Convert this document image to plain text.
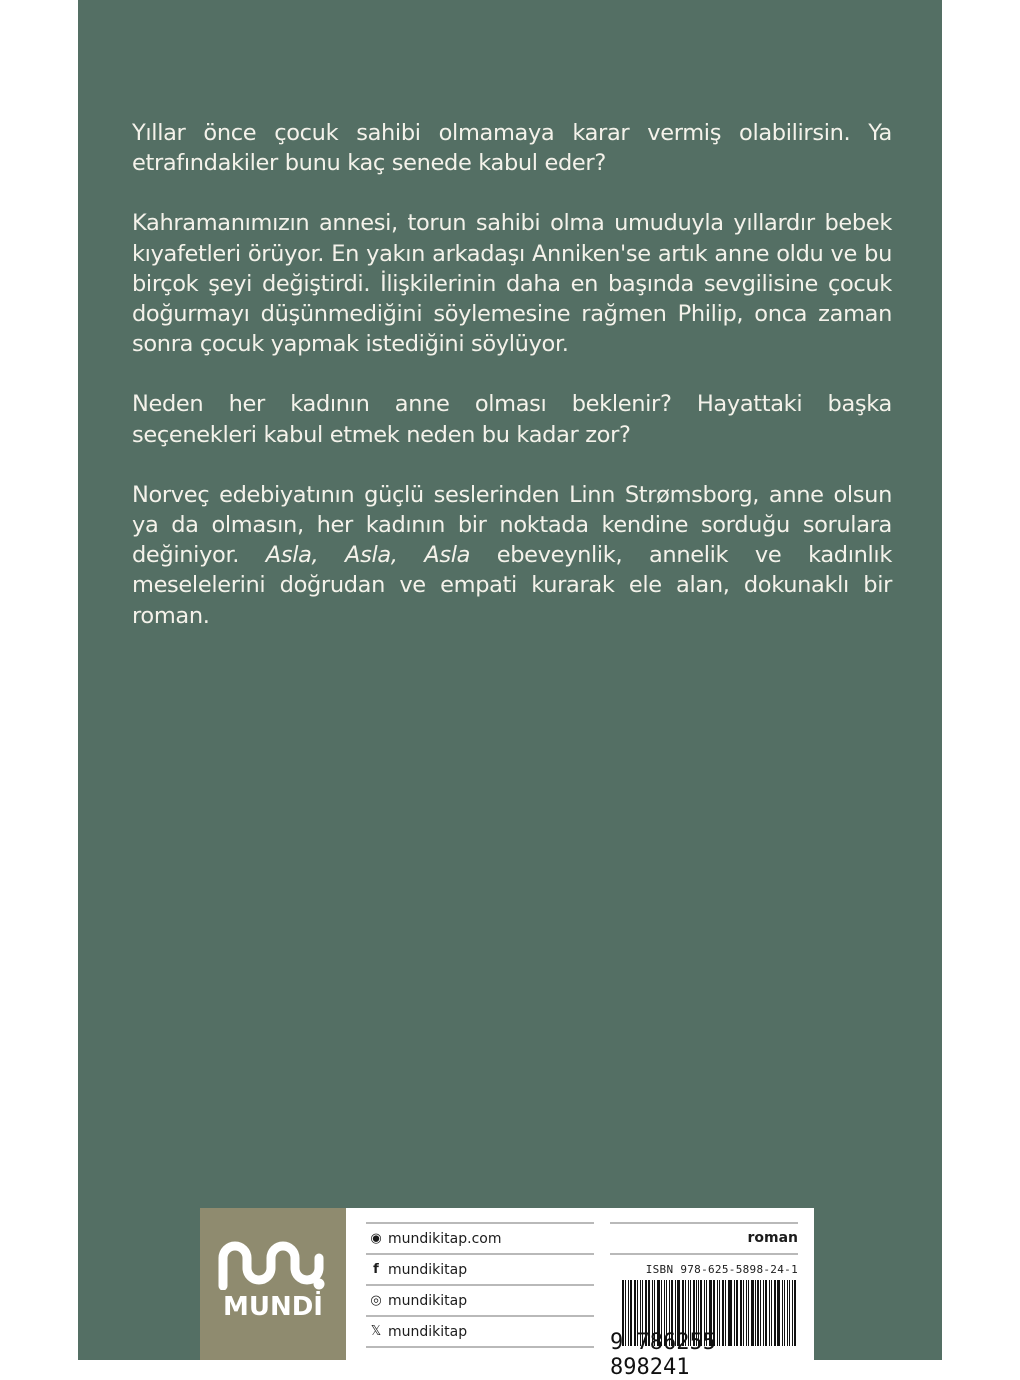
Yıllar önce çocuk sahibi olmamaya karar vermiş olabilirsin. Ya etrafındakiler bunu kaç senede kabul eder?

Kahramanımızın annesi, torun sahibi olma umuduyla yıllardır bebek kıyafetleri örüyor. En yakın arkadaşı Anniken'se artık anne oldu ve bu birçok şeyi değiştirdi. İlişkilerinin daha en başında sevgilisine çocuk doğurmayı düşünmediğini söylemesine rağmen Philip, onca zaman sonra çocuk yapmak istediğini söylüyor.

Neden her kadının anne olması beklenir? Hayattaki başka seçenekleri kabul etmek neden bu kadar zor?

Norveç edebiyatının güçlü seslerinden Linn Strømsborg, anne olsun ya da olmasın, her kadının bir noktada kendine sorduğu sorulara değiniyor. Asla, Asla, Asla ebeveynlik, annelik ve kadınlık meselelerini doğrudan ve empati kurarak ele alan, dokunaklı bir roman.

MUNDİ
◉ mundikitap.com
f mundikitap
◎ mundikitap
𝕏 mundikitap
roman
ISBN 978-625-5898-24-1
9 786255 898241
